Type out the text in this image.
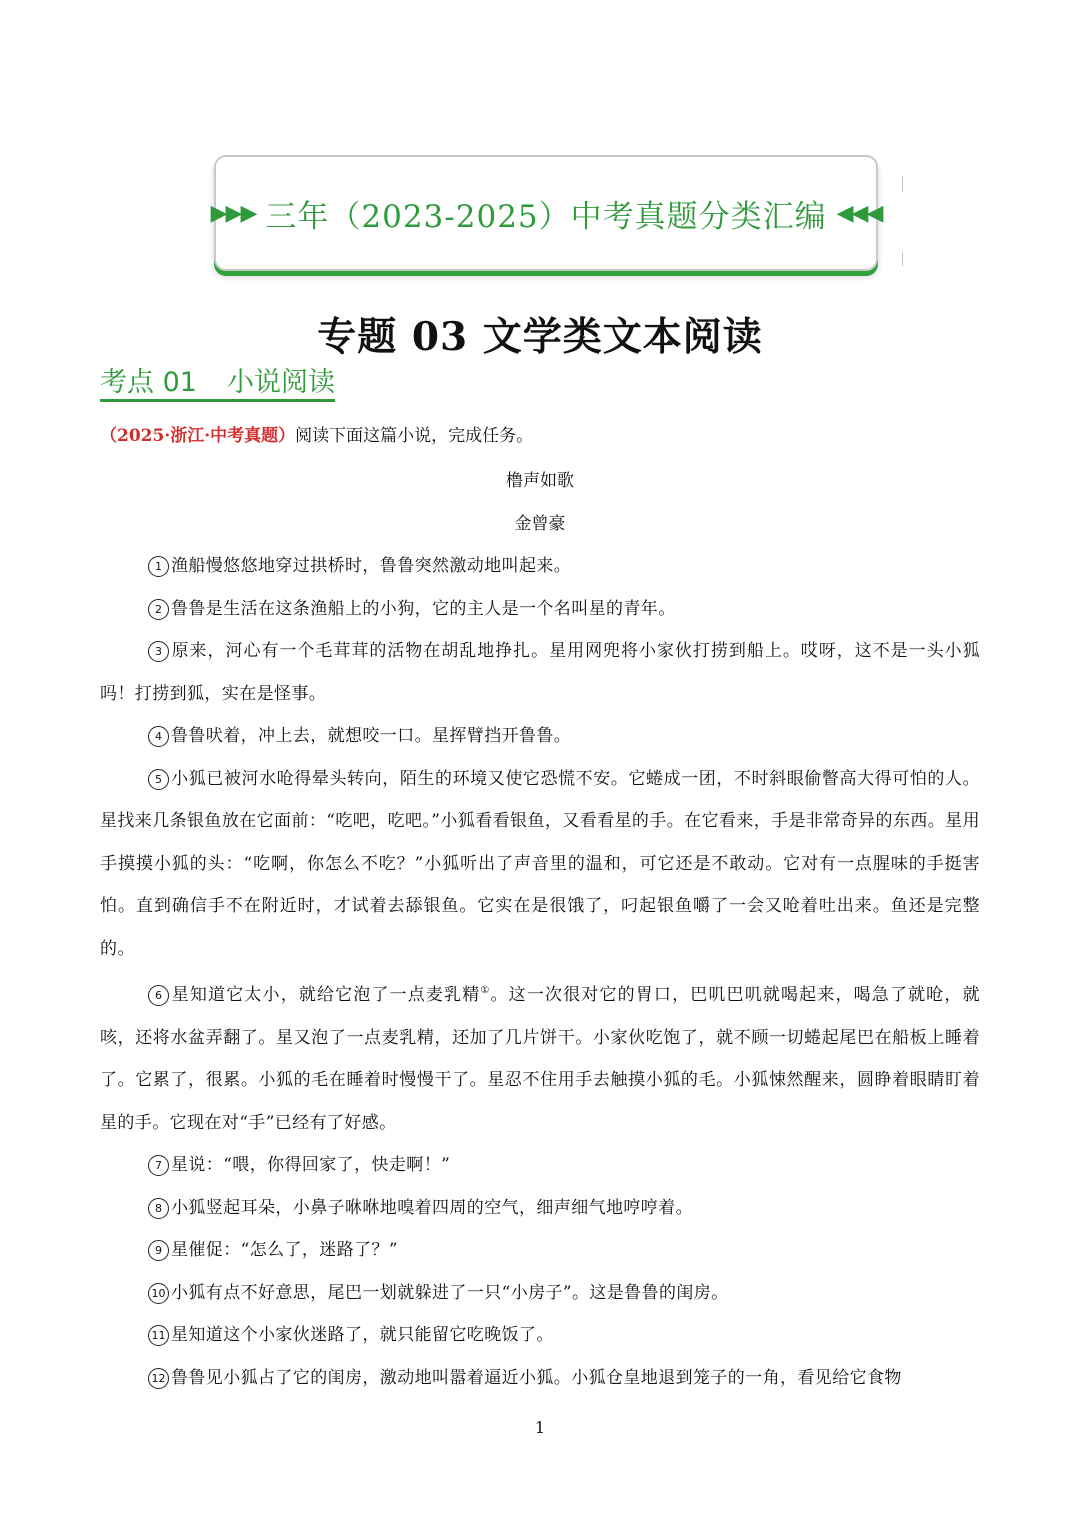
▶▶▶ 三年（2023-2025）中考真题分类汇编 ◀◀◀
专题 03 文学类文本阅读
考点 01 小说阅读
（2025·浙江·中考真题）阅读下面这篇小说，完成任务。
橹声如歌
金曾豪

1 渔船慢悠悠地穿过拱桥时，鲁鲁突然激动地叫起来。

2 鲁鲁是生活在这条渔船上的小狗，它的主人是一个名叫星的青年。

3 原来，河心有一个毛茸茸的活物在胡乱地挣扎。星用网兜将小家伙打捞到船上。哎呀，这不是一头小狐吗！打捞到狐，实在是怪事。

4 鲁鲁吠着，冲上去，就想咬一口。星挥臂挡开鲁鲁。

5 小狐已被河水呛得晕头转向，陌生的环境又使它恐慌不安。它蜷成一团，不时斜眼偷瞥高大得可怕的人。星找来几条银鱼放在它面前：“吃吧，吃吧。”小狐看看银鱼，又看看星的手。在它看来，手是非常奇异的东西。星用手摸摸小狐的头：“吃啊，你怎么不吃？”小狐听出了声音里的温和，可它还是不敢动。它对有一点腥味的手挺害怕。直到确信手不在附近时，才试着去舔银鱼。它实在是很饿了，叼起银鱼嚼了一会又呛着吐出来。鱼还是完整的。

6 星知道它太小，就给它泡了一点麦乳精①。这一次很对它的胃口，巴叽巴叽就喝起来，喝急了就呛，就咳，还将水盆弄翻了。星又泡了一点麦乳精，还加了几片饼干。小家伙吃饱了，就不顾一切蜷起尾巴在船板上睡着了。它累了，很累。小狐的毛在睡着时慢慢干了。星忍不住用手去触摸小狐的毛。小狐悚然醒来，圆睁着眼睛盯着星的手。它现在对“手”已经有了好感。

7 星说：“喂，你得回家了，快走啊！”

8 小狐竖起耳朵，小鼻子咻咻地嗅着四周的空气，细声细气地哼哼着。

9 星催促：“怎么了，迷路了？”

10 小狐有点不好意思，尾巴一划就躲进了一只“小房子”。这是鲁鲁的闺房。

11 星知道这个小家伙迷路了，就只能留它吃晚饭了。

12 鲁鲁见小狐占了它的闺房，激动地叫嚣着逼近小狐。小狐仓皇地退到笼子的一角，看见给它食物

1
